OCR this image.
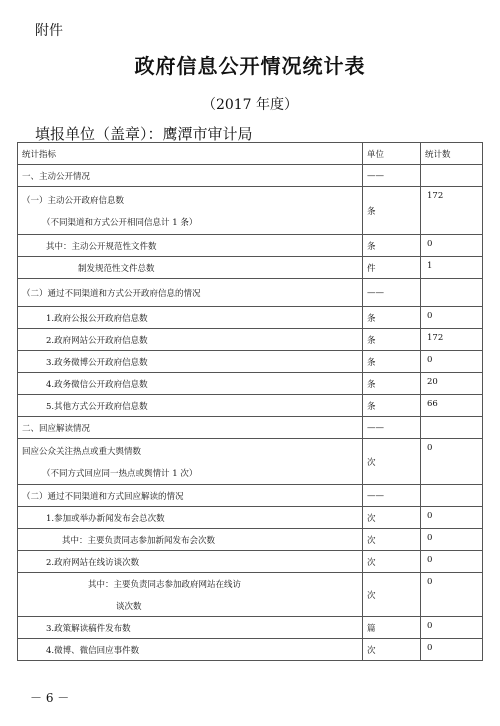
附件
政府信息公开情况统计表
（2017 年度）
填报单位（盖章）：鹰潭市审计局
统计指标	单位	统计数
一、主动公开情况	——	
（一）主动公开政府信息数
（不同渠道和方式公开相同信息计 1 条）	条	172
其中：主动公开规范性文件数	条	0
制发规范性文件总数	件	1
（二）通过不同渠道和方式公开政府信息的情况	——	
1.政府公报公开政府信息数	条	0
2.政府网站公开政府信息数	条	172
3.政务微博公开政府信息数	条	0
4.政务微信公开政府信息数	条	20
5.其他方式公开政府信息数	条	66
二、回应解读情况	——	
回应公众关注热点或重大舆情数
（不同方式回应同一热点或舆情计 1 次）	次	0
（二）通过不同渠道和方式回应解读的情况	——	
1.参加或举办新闻发布会总次数	次	0
其中：主要负责同志参加新闻发布会次数	次	0
2.政府网站在线访谈次数	次	0
其中：主要负责同志参加政府网站在线访
谈次数	次	0
3.政策解读稿件发布数	篇	0
4.微博、微信回应事件数	次	0
－ 6 －
